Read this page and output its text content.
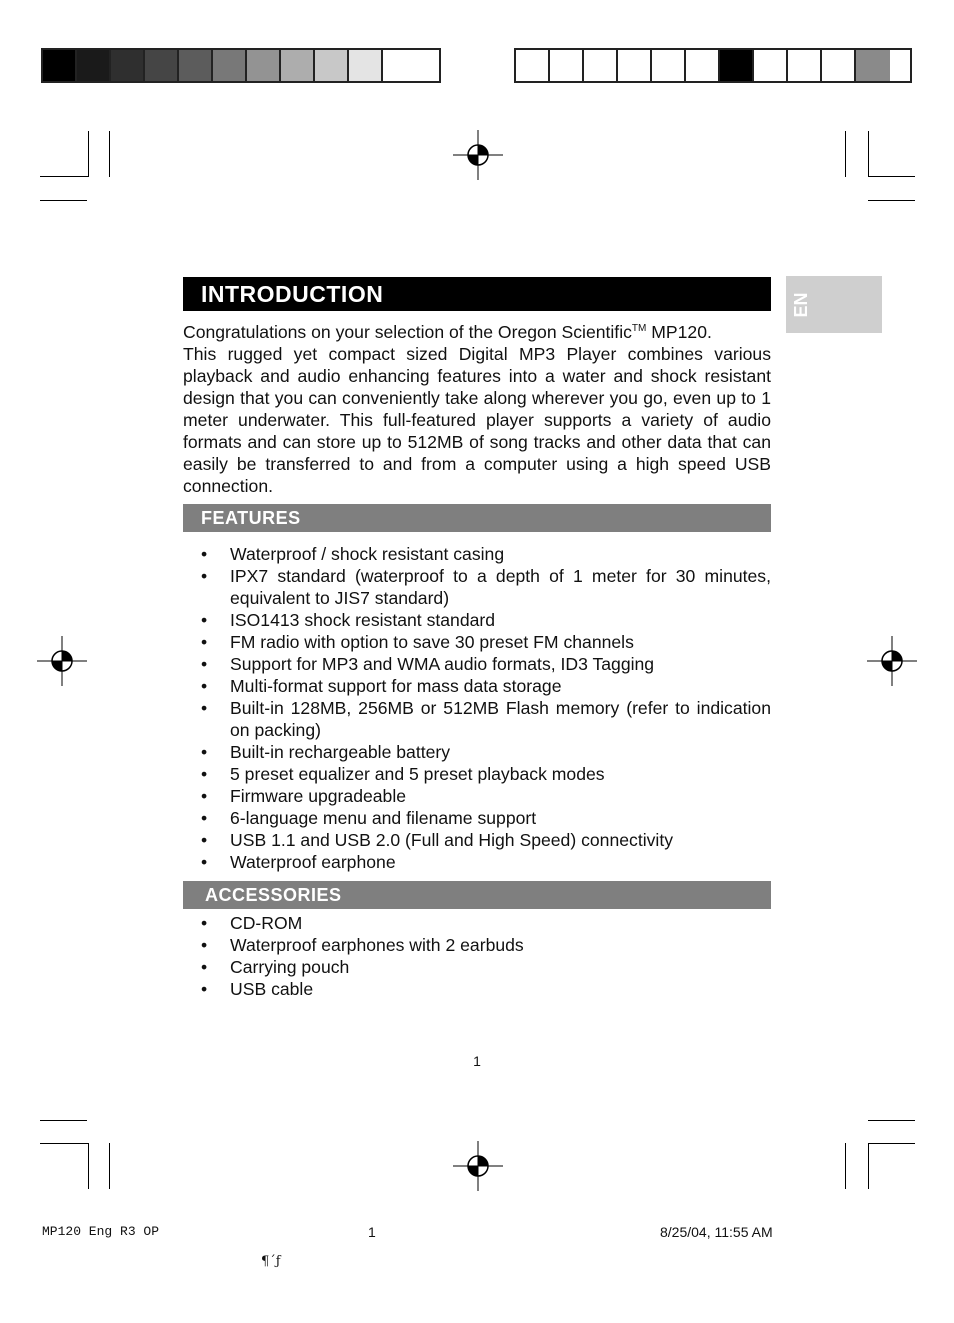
EN
INTRODUCTION

Congratulations on your selection of the Oregon Scientific™ MP120.

This rugged yet compact sized Digital MP3 Player combines various playback and audio enhancing features into a water and shock resistant design that you can conveniently take along wherever you go, even up to 1 meter underwater. This full-featured player supports a variety of audio formats and can store up to 512MB of song tracks and other data that can easily be transferred to and from a computer using a high speed USB connection.

FEATURES
• Waterproof / shock resistant casing
• IPX7 standard (waterproof to a depth of 1 meter for 30 minutes, equivalent to JIS7 standard)
• ISO1413 shock resistant standard
• FM radio with option to save 30 preset FM channels
• Support for MP3 and WMA audio formats, ID3 Tagging
• Multi-format support for mass data storage
• Built-in 128MB, 256MB or 512MB Flash memory (refer to indication on packing)
• Built-in rechargeable battery
• 5 preset equalizer and 5 preset playback modes
• Firmware upgradeable
• 6-language menu and filename support
• USB 1.1 and USB 2.0 (Full and High Speed) connectivity
• Waterproof earphone
ACCESSORIES
• CD-ROM
• Waterproof earphones with 2 earbuds
• Carrying pouch
• USB cable
1
MP120 Eng R3 OP	1	8/25/04, 11:55 AM
¶´ƒ
